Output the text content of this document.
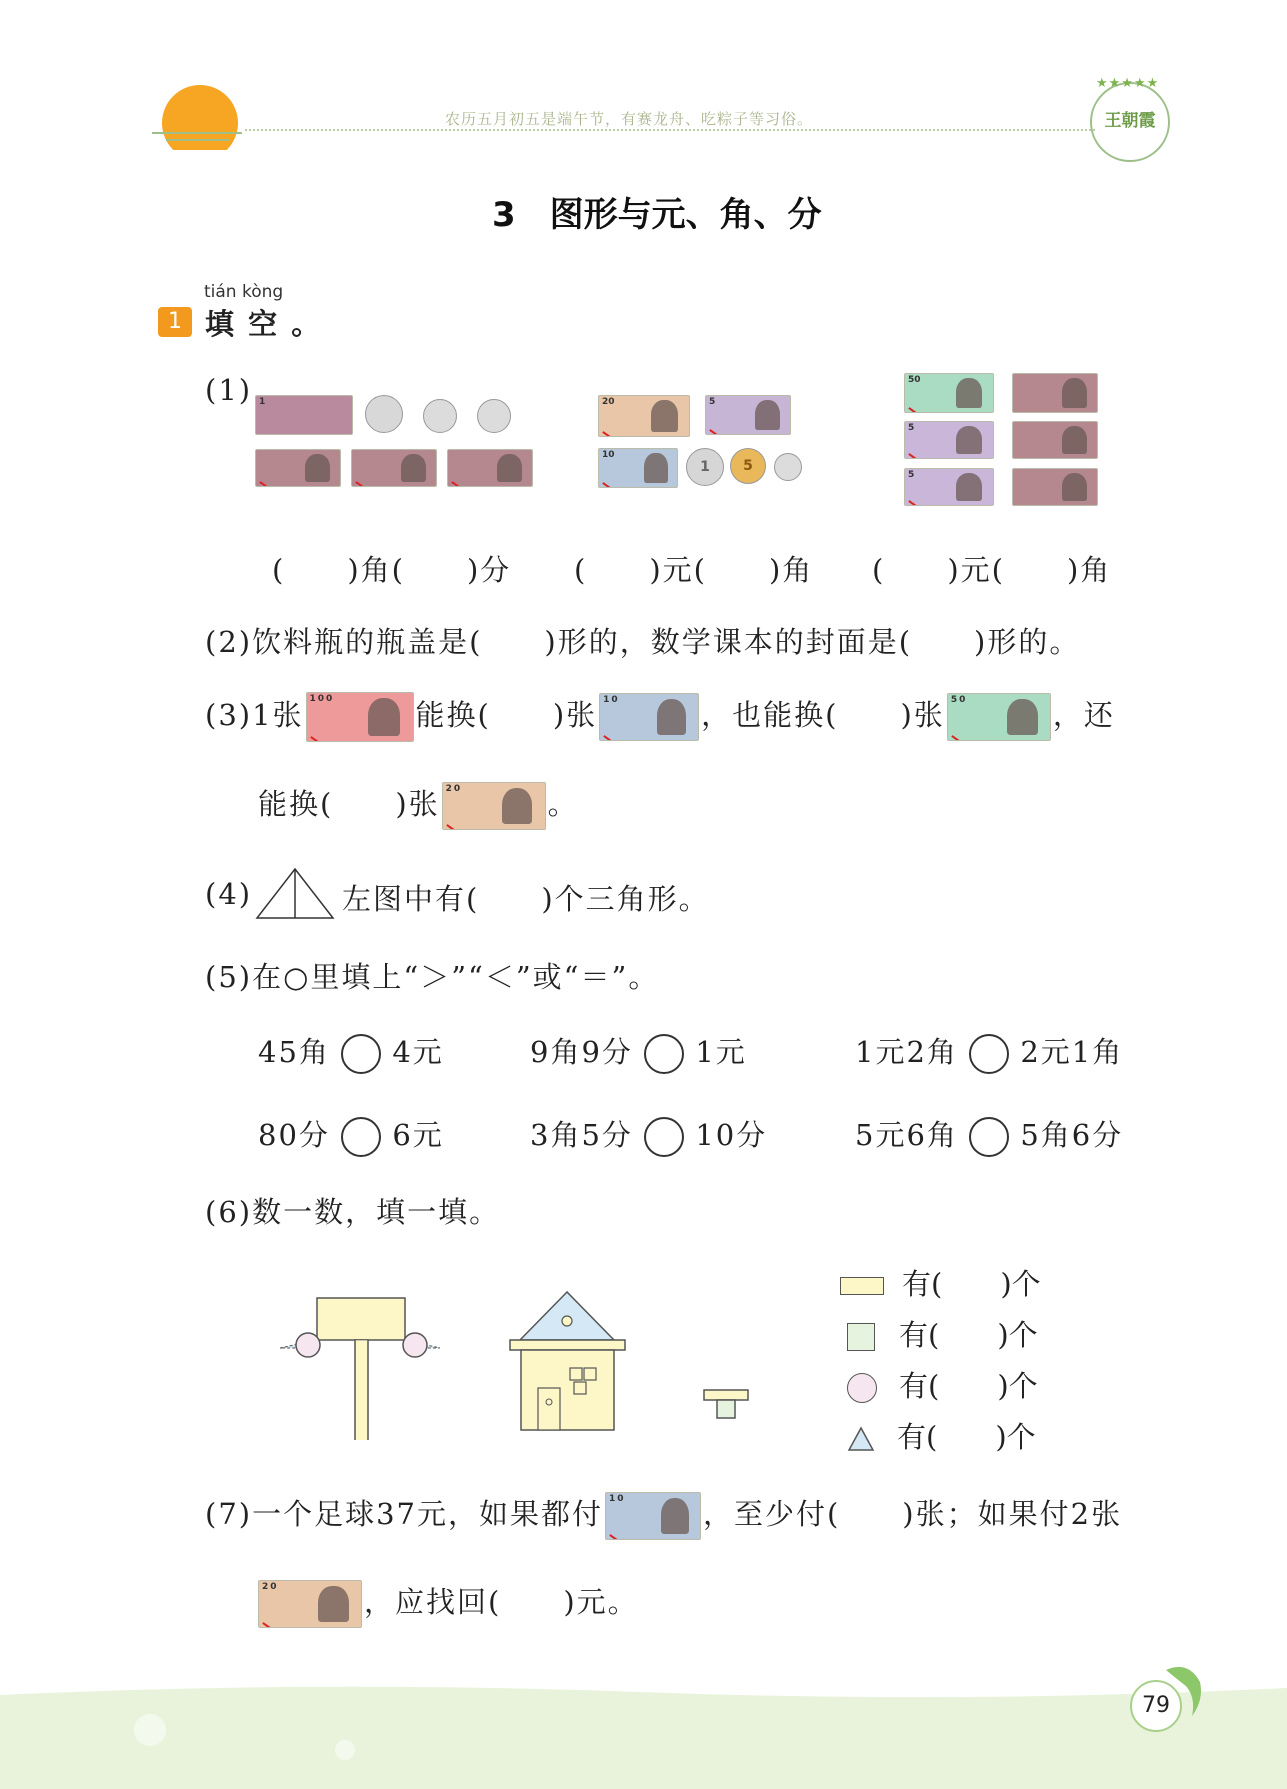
农历五月初五是端午节，有赛龙舟、吃粽子等习俗。	王朝霞
★★★★★
3　图形与元、角、分
tián kòng
1 填 空 。
(1) 1	20	5
10
1	5
50
5
5
(　　)角(　　)分 (　　)元(　　)角 (　　)元(　　)角
(2)饮料瓶的瓶盖是(　　)形的，数学课本的封面是(　　)形的。
(3)1张 100	能换(　　)张 10	，也能换(　　)张 50	，还
能换(　　)张 20	。
(4)	左图中有(　　)个三角形。
(5)在○里填上“＞”“＜”或“＝”。
45角 4元	9角9分 1元	1元2角 2元1角
80分 6元	3角5分 10分	5元6角 5角6分
(6)数一数，填一填。
有(　　)个
有(　　)个
有(　　)个
有(　　)个
(7)一个足球37元，如果都付 10	，至少付(　　)张；如果付2张
20	，应找回(　　)元。
79
